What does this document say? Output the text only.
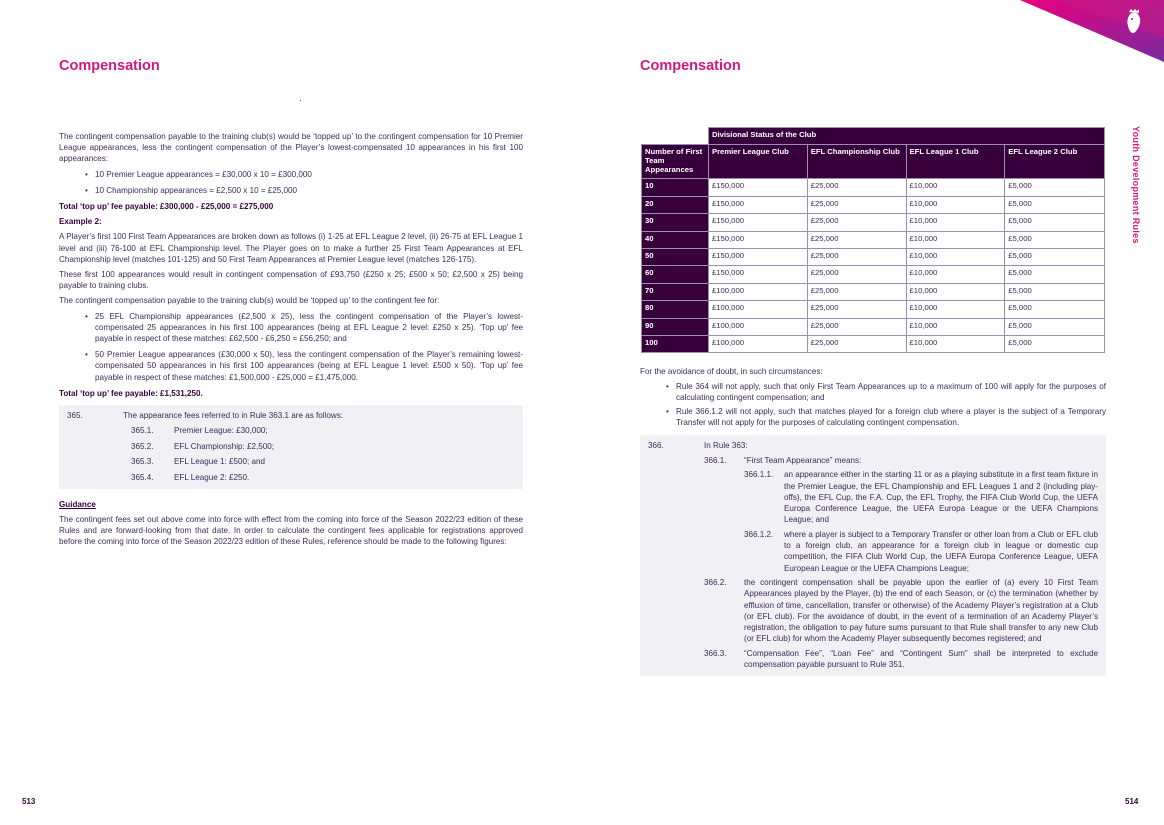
Compensation

The contingent compensation payable to the training club(s) would be ‘topped up’ to the contingent compensation for 10 Premier League appearances, less the contingent compensation of the Player’s lowest-compensated 10 appearances in his first 100 appearances:

• 10 Premier League appearances = £30,000 x 10 = £300,000
• 10 Championship appearances = £2,500 x 10 = £25,000

Total ‘top up’ fee payable: £300,000 - £25,000 = £275,000

Example 2:

A Player’s first 100 First Team Appearances are broken down as follows (i) 1-25 at EFL League 2 level, (ii) 26-75 at EFL League 1 level and (iii) 76-100 at EFL Championship level. The Player goes on to make a further 25 First Team Appearances at EFL Championship level (matches 101-125) and 50 First Team Appearances at Premier League level (matches 126-175).

These first 100 appearances would result in contingent compensation of £93,750 (£250 x 25; £500 x 50; £2,500 x 25) being payable to training clubs.

The contingent compensation payable to the training club(s) would be ‘topped up’ to the contingent fee for:

• 25 EFL Championship appearances (£2,500 x 25), less the contingent compensation of the Player’s lowest-compensated 25 appearances in his first 100 appearances (being at EFL League 2 level: £250 x 25). ‘Top up’ fee payable in respect of these matches: £62,500 - £6,250 = £56,250; and
• 50 Premier League appearances (£30,000 x 50), less the contingent compensation of the Player’s remaining lowest-compensated 50 appearances in his first 100 appearances (being at EFL League 1 level: £500 x 50). ‘Top up’ fee payable in respect of these matches: £1,500,000 - £25,000 = £1,475,000.

Total ‘top up’ fee payable: £1,531,250.

365.	The appearance fees referred to in Rule 363.1 are as follows:
365.1.	Premier League: £30,000;
365.2.	EFL Championship: £2,500;
365.3.	EFL League 1: £500; and
365.4.	EFL League 2: £250.

Guidance

The contingent fees set out above come into force with effect from the coming into force of the Season 2022/23 edition of these Rules and are forward-looking from that date. In order to calculate the contingent fees applicable for registrations approved before the coming into force of the Season 2022/23 edition of these Rules, reference should be made to the following figures:

513
Compensation
	Divisional Status of the Club			
Number of First Team Appearances	Premier League Club	EFL Championship Club	EFL League 1 Club	EFL League 2 Club
10	£150,000	£25,000	£10,000	£5,000
20	£150,000	£25,000	£10,000	£5,000
30	£150,000	£25,000	£10,000	£5,000
40	£150,000	£25,000	£10,000	£5,000
50	£150,000	£25,000	£10,000	£5,000
60	£150,000	£25,000	£10,000	£5,000
70	£100,000	£25,000	£10,000	£5,000
80	£100,000	£25,000	£10,000	£5,000
90	£100,000	£25,000	£10,000	£5,000
100	£100,000	£25,000	£10,000	£5,000

For the avoidance of doubt, in such circumstances:

• Rule 364 will not apply, such that only First Team Appearances up to a maximum of 100 will apply for the purposes of calculating contingent compensation; and
• Rule 366.1.2 will not apply, such that matches played for a foreign club where a player is the subject of a Temporary Transfer will not apply for the purposes of calculating contingent compensation.
366.	In Rule 363:
366.1.	“First Team Appearance” means:
366.1.1.	an appearance either in the starting 11 or as a playing substitute in a first team fixture in the Premier League, the EFL Championship and EFL Leagues 1 and 2 (including play-offs), the EFL Cup, the F.A. Cup, the EFL Trophy, the FIFA Club World Cup, the UEFA Europa Conference League, the UEFA Europa League or the UEFA Champions League; and
366.1.2.	where a player is subject to a Temporary Transfer or other loan from a Club or EFL club to a foreign club, an appearance for a foreign club in league or domestic cup competition, the FIFA Club World Cup, the UEFA Europa Conference League, UEFA European League or the UEFA Champions League;
366.2.	the contingent compensation shall be payable upon the earlier of (a) every 10 First Team Appearances played by the Player, (b) the end of each Season, or (c) the termination (whether by effluxion of time, cancellation, transfer or otherwise) of the Academy Player’s registration at a Club (or EFL club). For the avoidance of doubt, in the event of a termination of an Academy Player’s registration, the obligation to pay future sums pursuant to that Rule shall transfer to any new Club (or EFL club) for whom the Academy Player subsequently becomes registered; and
366.3.	“Compensation Fee”, “Loan Fee” and “Contingent Sum” shall be interpreted to exclude compensation payable pursuant to Rule 351.
514
Youth Development Rules
